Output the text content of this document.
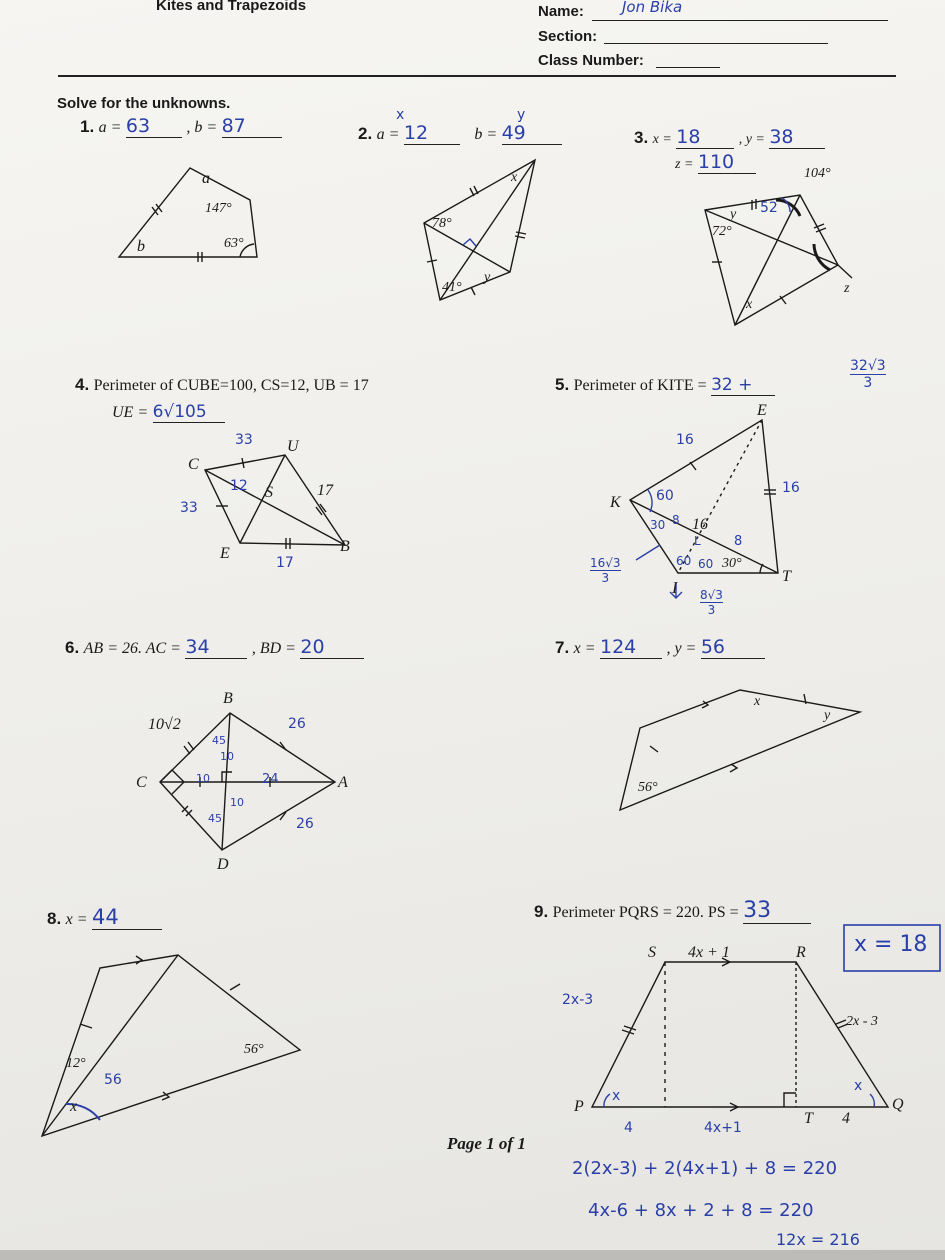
Kites and Trapezoids	Name:	Jon Bika
Section:
Class Number:
Solve for the unknowns.
1. a = 63 , b = 87
a
147°
b	63°
x	y
2. a = 12	b = 49
x
78°
41°
y
3. x = 18	, y = 38
z = 110
104°
y 52
72°
x
z
4. Perimeter of CUBE=100, CS=12, UB = 17
UE = 6√105
33 U
C
12 S	17
33
E
17
B
5. Perimeter of KITE = 32 +	$\frac{32√3}{3}$
E
16
16
K	60
30 8 16
L	8
60 60 30°
T
I
$\frac{16√3}{3}$
$\frac{8√3}{3}$
6. AB = 26. AC = 34	, BD = 20
B
10√2	26
45
10
C	10	24	A
10
45	26
D
7. x = 124 , y = 56
x
y
56°
8. x = 44
12°
56
56°
x
9. Perimeter PQRS = 220. PS = 33
x = 18
S 4x + 1	R
2x-3
2x - 3
x
x
P	Q
T 4
4	4x+1
2(2x-3) + 2(4x+1) + 8 = 220
4x-6 + 8x + 2 + 8 = 220
12x = 216
Page 1 of 1
